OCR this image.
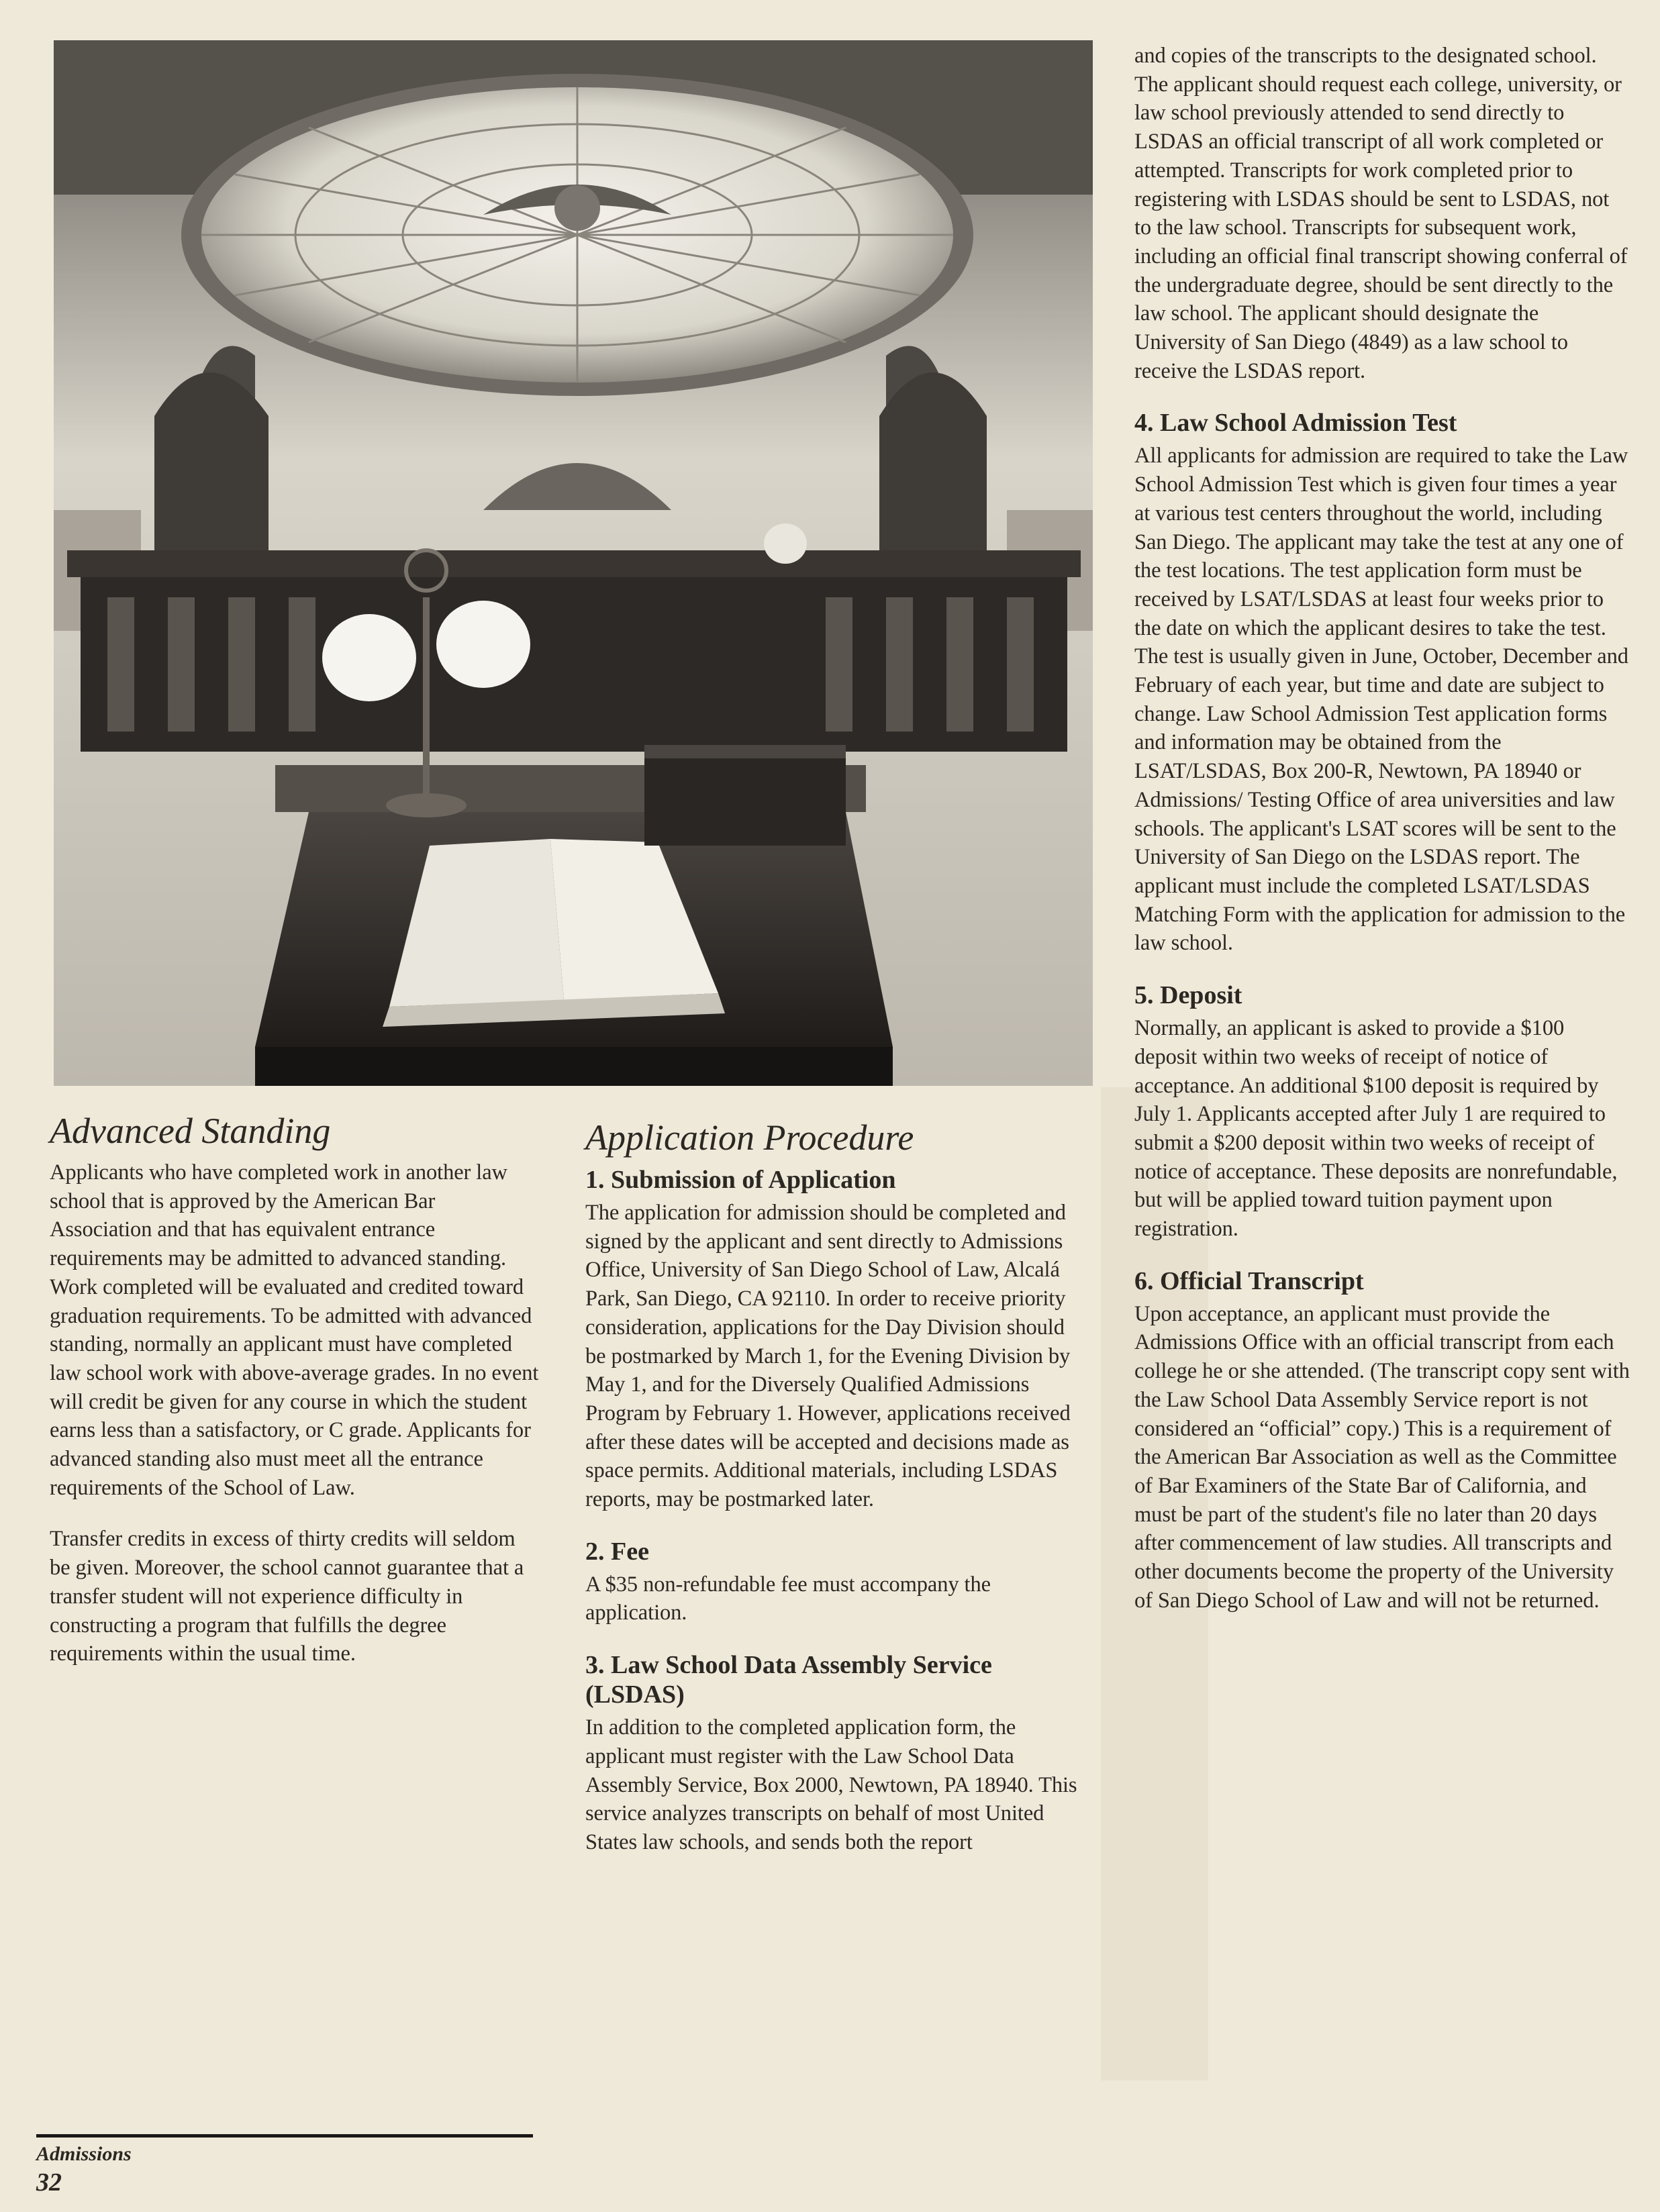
Advanced Standing

Applicants who have completed work in another law school that is approved by the American Bar Association and that has equivalent entrance requirements may be admitted to advanced standing. Work completed will be evaluated and credited toward graduation requirements. To be admitted with advanced standing, normally an applicant must have completed law school work with above-average grades. In no event will credit be given for any course in which the student earns less than a satisfactory, or C grade. Applicants for advanced standing also must meet all the entrance requirements of the School of Law.

Transfer credits in excess of thirty credits will seldom be given. Moreover, the school cannot guarantee that a transfer student will not experience difficulty in constructing a program that fulfills the degree requirements within the usual time.

Application Procedure
1. Submission of Application

The application for admission should be completed and signed by the applicant and sent directly to Admissions Office, University of San Diego School of Law, Alcalá Park, San Diego, CA 92110. In order to receive priority consideration, applications for the Day Division should be postmarked by March 1, for the Evening Division by May 1, and for the Diversely Qualified Admissions Program by February 1. However, applications received after these dates will be accepted and decisions made as space permits. Additional materials, including LSDAS reports, may be postmarked later.

2. Fee

A $35 non-refundable fee must accompany the application.

3. Law School Data Assembly Service (LSDAS)

In addition to the completed application form, the applicant must register with the Law School Data Assembly Service, Box 2000, Newtown, PA 18940. This service analyzes transcripts on behalf of most United States law schools, and sends both the report

and copies of the transcripts to the designated school. The applicant should request each college, university, or law school previously attended to send directly to LSDAS an official transcript of all work completed or attempted. Transcripts for work completed prior to registering with LSDAS should be sent to LSDAS, not to the law school. Transcripts for subsequent work, including an official final transcript showing conferral of the undergraduate degree, should be sent directly to the law school. The applicant should designate the University of San Diego (4849) as a law school to receive the LSDAS report.

4. Law School Admission Test

All applicants for admission are required to take the Law School Admission Test which is given four times a year at various test centers throughout the world, including San Diego. The applicant may take the test at any one of the test locations. The test application form must be received by LSAT/LSDAS at least four weeks prior to the date on which the applicant desires to take the test. The test is usually given in June, October, December and February of each year, but time and date are subject to change. Law School Admission Test application forms and information may be obtained from the LSAT/LSDAS, Box 200-R, Newtown, PA 18940 or Admissions/ Testing Office of area universities and law schools. The applicant's LSAT scores will be sent to the University of San Diego on the LSDAS report. The applicant must include the completed LSAT/LSDAS Matching Form with the application for admission to the law school.

5. Deposit

Normally, an applicant is asked to provide a $100 deposit within two weeks of receipt of notice of acceptance. An additional $100 deposit is required by July 1. Applicants accepted after July 1 are required to submit a $200 deposit within two weeks of receipt of notice of acceptance. These deposits are nonrefundable, but will be applied toward tuition payment upon registration.

6. Official Transcript

Upon acceptance, an applicant must provide the Admissions Office with an official transcript from each college he or she attended. (The transcript copy sent with the Law School Data Assembly Service report is not considered an “official” copy.) This is a requirement of the American Bar Association as well as the Committee of Bar Examiners of the State Bar of California, and must be part of the student's file no later than 20 days after commencement of law studies. All transcripts and other documents become the property of the University of San Diego School of Law and will not be returned.

Admissions
32
